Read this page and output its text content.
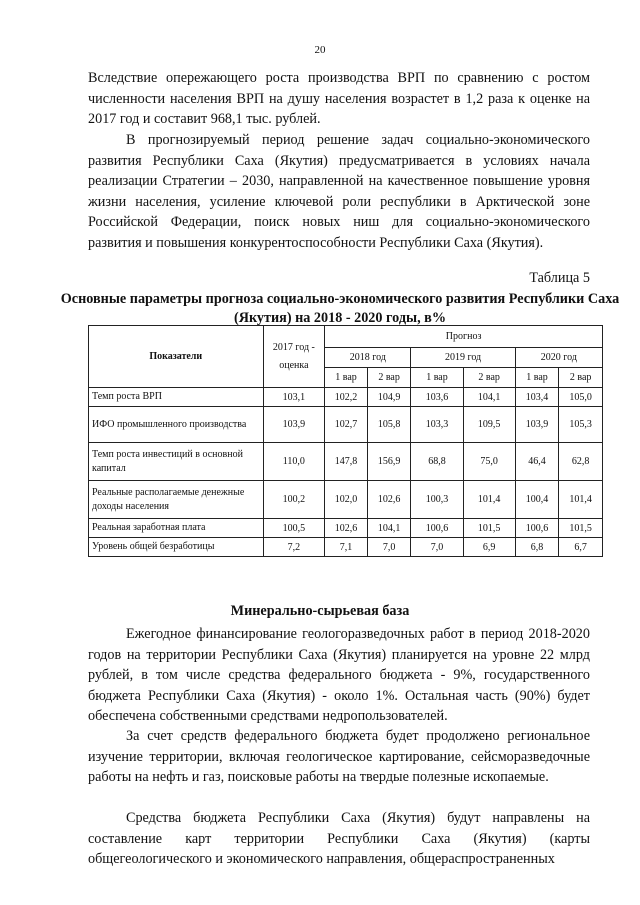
20
Вследствие опережающего роста производства ВРП по сравнению с ростом численности населения ВРП на душу населения возрастет в 1,2 раза к оценке на 2017 год и составит 968,1 тыс. рублей.
В прогнозируемый период решение задач социально-экономического развития Республики Саха (Якутия) предусматривается в условиях начала реализации Стратегии – 2030, направленной на качественное повышение уровня жизни населения, усиление ключевой роли республики в Арктической зоне Российской Федерации, поиск новых ниш для социально-экономического развития и повышения конкурентоспособности Республики Саха (Якутия).
Таблица 5
Основные параметры прогноза социально-экономического развития Республики Саха (Якутия) на 2018 - 2020 годы, в%
Показатели	2017 год - оценка	Прогноз					
		2018 год		2019 год		2020 год	
		1 вар	2 вар	1 вар	2 вар	1 вар	2 вар
Темп роста ВРП	103,1	102,2	104,9	103,6	104,1	103,4	105,0
ИФО промышленного производства	103,9	102,7	105,8	103,3	109,5	103,9	105,3
Темп роста инвестиций в основной капитал	110,0	147,8	156,9	68,8	75,0	46,4	62,8
Реальные располагаемые денежные доходы населения	100,2	102,0	102,6	100,3	101,4	100,4	101,4
Реальная заработная плата	100,5	102,6	104,1	100,6	101,5	100,6	101,5
Уровень общей безработицы	7,2	7,1	7,0	7,0	6,9	6,8	6,7
Минерально-сырьевая база
Ежегодное финансирование геологоразведочных работ в период 2018-2020 годов на территории Республики Саха (Якутия) планируется на уровне 22 млрд рублей, в том числе средства федерального бюджета - 9%, государственного бюджета Республики Саха (Якутия) - около 1%. Остальная часть (90%) будет обеспечена собственными средствами недропользователей.
За счет средств федерального бюджета будет продолжено региональное изучение территории, включая геологическое картирование, сейсморазведочные работы на нефть и газ, поисковые работы на твердые полезные ископаемые.
Средства бюджета Республики Саха (Якутия) будут направлены на составление карт территории Республики Саха (Якутия) (карты общегеологического и экономического направления, общераспространенных
